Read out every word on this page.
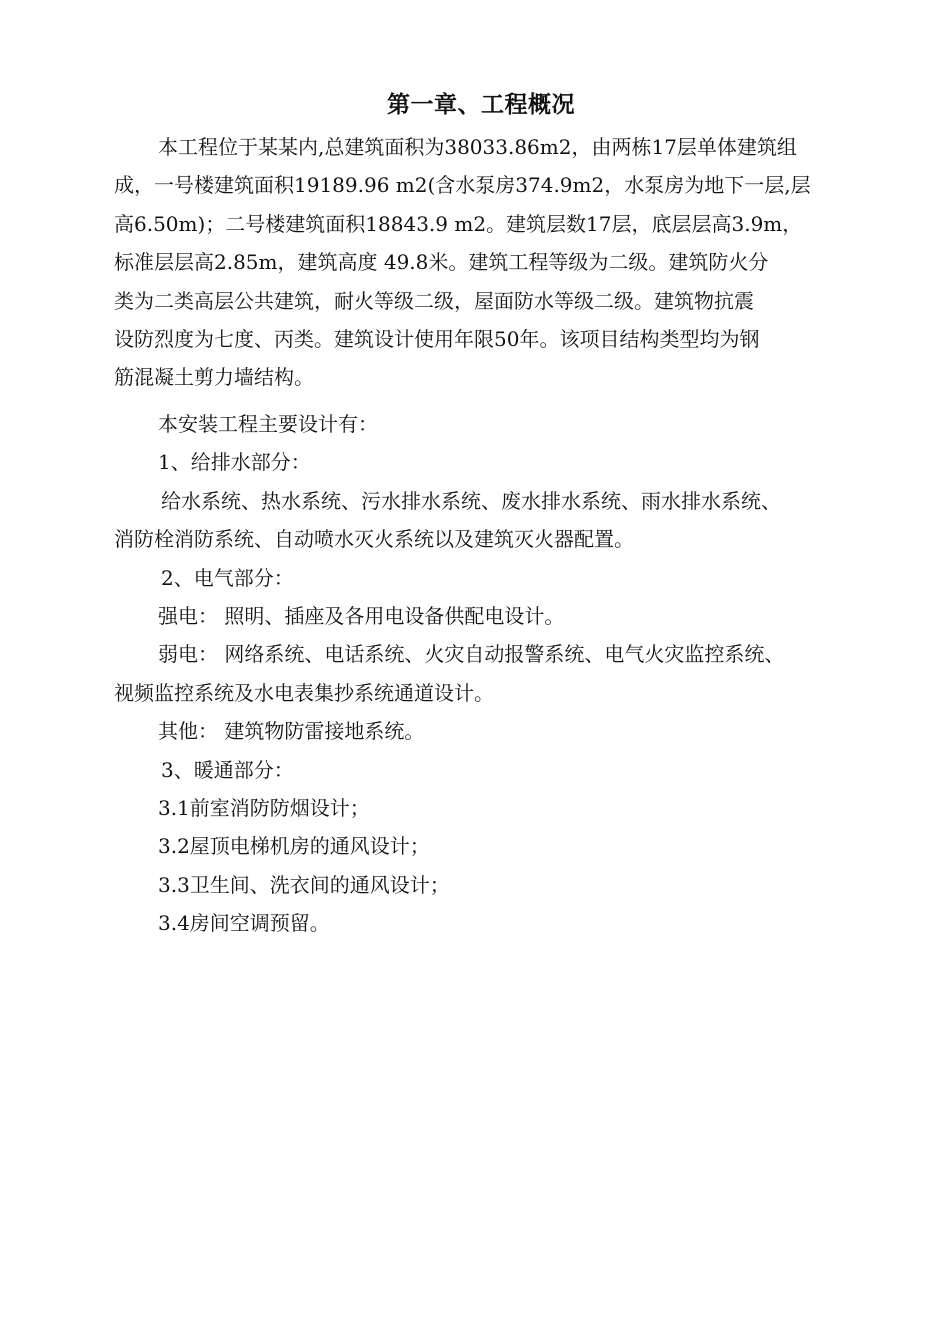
第一章、工程概况
本工程位于某某内,总建筑面积为38033.86m2，由两栋17层单体建筑组
成，一号楼建筑面积19189.96 m2(含水泵房374.9m2，水泵房为地下一层,层
高6.50m)；二号楼建筑面积18843.9 m2。建筑层数17层，底层层高3.9m，
标准层层高2.85m，建筑高度 49.8米。建筑工程等级为二级。建筑防火分
类为二类高层公共建筑，耐火等级二级，屋面防水等级二级。建筑物抗震
设防烈度为七度、丙类。建筑设计使用年限50年。该项目结构类型均为钢
筋混凝土剪力墙结构。
本安装工程主要设计有：
1、给排水部分：
给水系统、热水系统、污水排水系统、废水排水系统、雨水排水系统、
消防栓消防系统、自动喷水灭火系统以及建筑灭火器配置。
2、电气部分：
强电： 照明、插座及各用电设备供配电设计。
弱电： 网络系统、电话系统、火灾自动报警系统、电气火灾监控系统、
视频监控系统及水电表集抄系统通道设计。
其他： 建筑物防雷接地系统。
3、暖通部分：
3.1前室消防防烟设计；
3.2屋顶电梯机房的通风设计；
3.3卫生间、洗衣间的通风设计；
3.4房间空调预留。
